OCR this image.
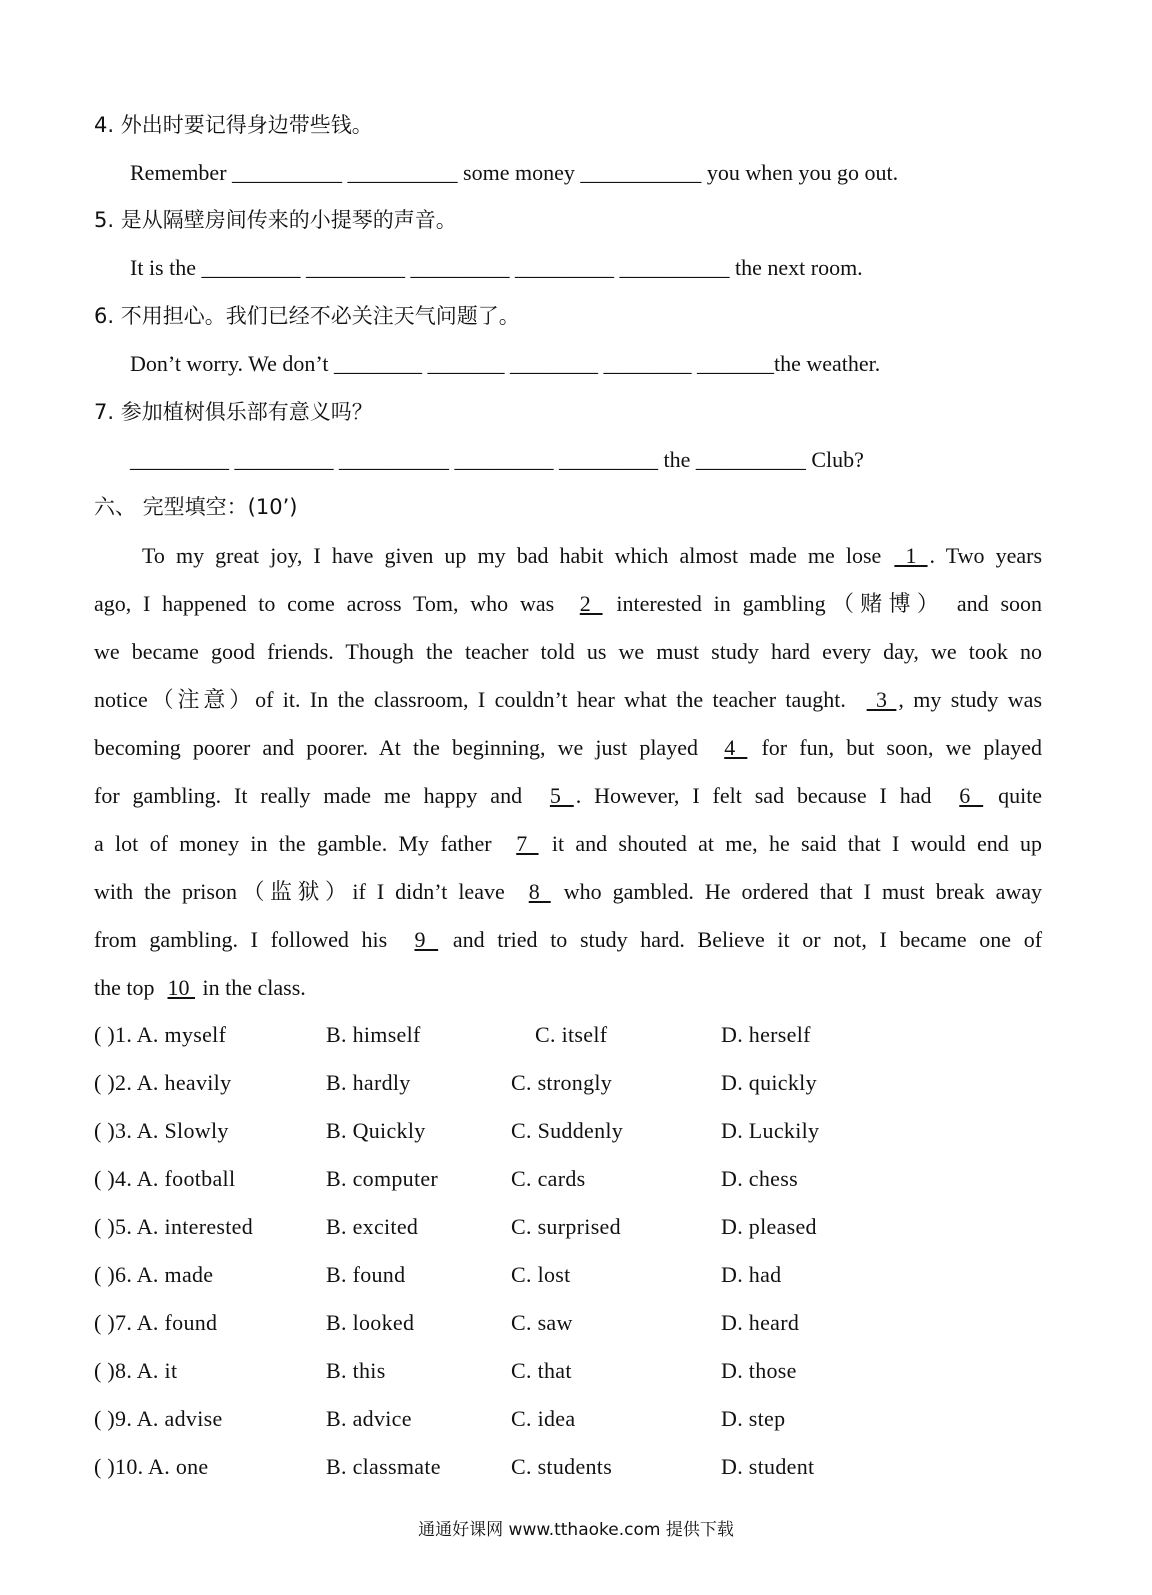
4. 外出时要记得身边带些钱。
Remember __________ __________ some money ___________ you when you go out.
5. 是从隔壁房间传来的小提琴的声音。
It is the _________ _________ _________ _________ __________ the next room.
6. 不用担心。我们已经不必关注天气问题了。
Don’t worry. We don’t ________ _______ ________ ________ _______the weather.
7. 参加植树俱乐部有意义吗？
_________ _________ __________ _________ _________ the __________ Club?
六、 完型填空：(10’)
To my great joy, I have given up my bad habit which almost made me lose  1 . Two years
ago, I happened to come across Tom, who was  2  interested in gambling（赌博） and soon
we became good friends. Though the teacher told us we must study hard every day, we took no
notice（注意）of it. In the classroom, I couldn’t hear what the teacher taught.   3 , my study was
becoming poorer and poorer. At the beginning, we just played  4  for fun, but soon, we played
for gambling. It really made me happy and  5 . However, I felt sad because I had  6  quite
a lot of money in the gamble. My father  7  it and shouted at me, he said that I would end up
with the prison（监狱）if I didn’t leave  8  who gambled. He ordered that I must break away
from gambling. I followed his  9  and tried to study hard. Believe it or not, I became one of
the top  10  in the class.
( )1. A. myself	B. himself	C. itself	D. herself
( )2. A. heavily	B. hardly	C. strongly	D. quickly
( )3. A. Slowly	B. Quickly	C. Suddenly	D. Luckily
( )4. A. football	B. computer	C. cards	D. chess
( )5. A. interested	B. excited	C. surprised	D. pleased
( )6. A. made	B. found	C. lost	D. had
( )7. A. found	B. looked	C. saw	D. heard
( )8. A. it	B. this	C. that	D. those
( )9. A. advise	B. advice	C. idea	D. step
( )10. A. one	B. classmate	C. students	D. student
通通好课网 www.tthaoke.com 提供下载
